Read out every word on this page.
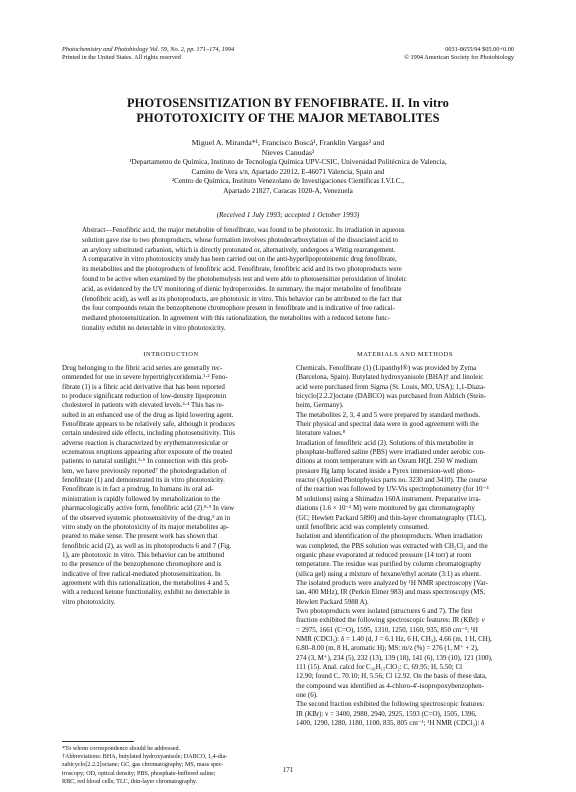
Photochemistry and Photobiology Vol. 59, No. 2, pp. 171–174, 1994
Printed in the United States. All rights reserved
0031-8655/94 $05.00+0.00
© 1994 American Society for Photobiology
PHOTOSENSITIZATION BY FENOFIBRATE. II. In vitro
PHOTOTOXICITY OF THE MAJOR METABOLITES
Miguel A. Miranda*¹, Francisco Boscá¹, Franklin Vargas² and
Nieves Canudas²
¹Departamento de Química, Instituto de Tecnología Química UPV-CSIC, Universidad Politécnica de Valencia,
Camino de Vera s/n, Apartado 22012, E-46071 Valencia, Spain and
²Centro de Química, Instituto Venezolano de Investigaciones Científicas I.V.I.C.,
Apartado 21827, Caracas 1020-A, Venezuela
(Received 1 July 1993; accepted 1 October 1993)
Abstract—Fenofibric acid, the major metabolite of fenofibrate, was found to be phototoxic. Its irradiation in aqueous
solution gave rise to two photoproducts, whose formation involves photodecarboxylation of the dissociated acid to
an aryloxy substituted carbanion, which is directly protonated or, alternatively, undergoes a Wittig rearrangement.
A comparative in vitro phototoxicity study has been carried out on the anti-hyperlipoproteinemic drug fenofibrate,
its metabolites and the photoproducts of fenofibric acid. Fenofibrate, fenofibric acid and its two photoproducts were
found to be active when examined by the photohemolysis test and were able to photosensitize peroxidation of linoleic
acid, as evidenced by the UV monitoring of dienic hydroperoxides. In summary, the major metabolite of fenofibrate
(fenofibric acid), as well as its photoproducts, are phototoxic in vitro. This behavior can be attributed to the fact that
the four compounds retain the benzophenone chromophore present in fenofibrate and is indicative of free radical-
mediated photosensitization. In agreement with this rationalization, the metabolites with a reduced ketone func-
tionality exhibit no detectable in vitro phototoxicity.
INTRODUCTION	MATERIALS AND METHODS
Drug belonging to the fibric acid series are generally rec-
ommended for use in severe hypertriglyceridemia.¹·² Feno-
fibrate (1) is a fibric acid derivative that has been reported
to produce significant reduction of low-density lipoprotein
cholesterol in patients with elevated levels.³·⁴ This has re-
sulted in an enhanced use of the drug as lipid lowering agent.
Fenofibrate appears to be relatively safe, although it produces
certain undesired side effects, including photosensitivity. This
adverse reaction is characterized by erythematovesicular or
eczematous eruptions appearing after exposure of the treated
patients to natural sunlight.⁵·⁶ In connection with this prob-
lem, we have previously reported⁷ the photodegradation of
fenofibrate (1) and demonstrated its in vitro phototoxicity.
Fenofibrate is in fact a prodrug. In humans its oral ad-
ministration is rapidly followed by metabolization to the
pharmacologically active form, fenofibric acid (2).⁸·⁹ In view
of the observed systemic photosensitivity of the drug,⁵ an in
vitro study on the phototoxicity of its major metabolites ap-
peared to make sense. The present work has shown that
fenofibric acid (2), as well as its photoproducts 6 and 7 (Fig.
1), are phototoxic in vitro. This behavior can be attributed
to the presence of the benzophenone chromophore and is
indicative of free radical-mediated photosensitization. In
agreement with this rationalization, the metabolites 4 and 5,
with a reduced ketone functionality, exhibit no detectable in
vitro phototoxicity.
Chemicals. Fenofibrate (1) (Lipanthyl®) was provided by Zyma
(Barcelona, Spain). Butylated hydroxyanisole (BHA)† and linoleic
acid were purchased from Sigma (St. Louis, MO, USA); 1,1-Diaza-
bicyclo[2.2.2]octane (DABCO) was purchased from Aldrich (Stein-
heim, Germany).
The metabolites 2, 3, 4 and 5 were prepared by standard methods.
Their physical and spectral data were in good agreement with the
literature values.⁸
Irradiation of fenofibric acid (2). Solutions of this metabolite in
phosphate-buffered saline (PBS) were irradiated under aerobic con-
ditions at room temperature with an Osram HQL 250 W medium
pressure Hg lamp located inside a Pyrex immersion-well photo-
reactor (Applied Photophysics parts no. 3230 and 3410). The course
of the reaction was followed by UV-Vis spectrophotometry (for 10⁻⁴
M solutions) using a Shimadzu 160A instrument. Preparative irra-
diations (1.6 × 10⁻² M) were monitored by gas chromatography
(GC; Hewlett Packard 5890) and thin-layer chromatography (TLC),
until fenofibric acid was completely consumed.
Isolation and identification of the photoproducts. When irradiation
was completed, the PBS solution was extracted with CH₂Cl₂ and the
organic phase evaporated at reduced pressure (14 torr) at room
temperature. The residue was purified by column chromatography
(silica gel) using a mixture of hexane/ethyl acetate (3:1) as eluent.
The isolated products were analyzed by ¹H NMR spectroscopy (Var-
ian, 400 MHz), IR (Perkin Elmer 983) and mass spectroscopy (MS,
Hewlett Packard 5988 A).
Two photoproducts were isolated (structures 6 and 7). The first
fraction exhibited the following spectroscopic features: IR (KBr): ν
= 2975, 1661 (C=O), 1595, 1310, 1250, 1160, 935, 850 cm⁻¹; ¹H
NMR (CDCl₃): δ = 1.40 (d, J = 6.1 Hz, 6 H, CH₃), 4.66 (m, 1 H, CH),
6.80–8.00 (m, 8 H, aromatic H); MS: m/z (%) = 276 (1, M⁺ + 2),
274 (3, M⁺), 234 (5), 232 (13), 139 (18), 141 (6), 139 (10), 121 (100),
111 (15). Anal. calcd for C₁₆H₁₅ClO₂: C, 69.95; H, 5.50; Cl
12.90; found C, 70.10; H, 5.56; Cl 12.92. On the basis of these data,
the compound was identified as 4-chloro-4′-isopropoxybenzophen-
one (6).
The second fraction exhibited the following spectroscopic features:
IR (KBr): ν = 3400, 2980, 2940, 2925, 1593 (C=O), 1505, 1396,
1400, 1290, 1280, 1180, 1100, 835, 805 cm⁻¹; ¹H NMR (CDCl₃): δ
*To whom correspondence should be addressed.
†Abbreviations: BHA, butylated hydroxyanisole; DABCO, 1,4-dia-
zabicyclo[2.2.2]octane; GC, gas chromatography; MS, mass spec-
troscopy; OD, optical density; PBS, phosphate-buffered saline;
RBC, red blood cells; TLC, thin-layer chromatography.
171
